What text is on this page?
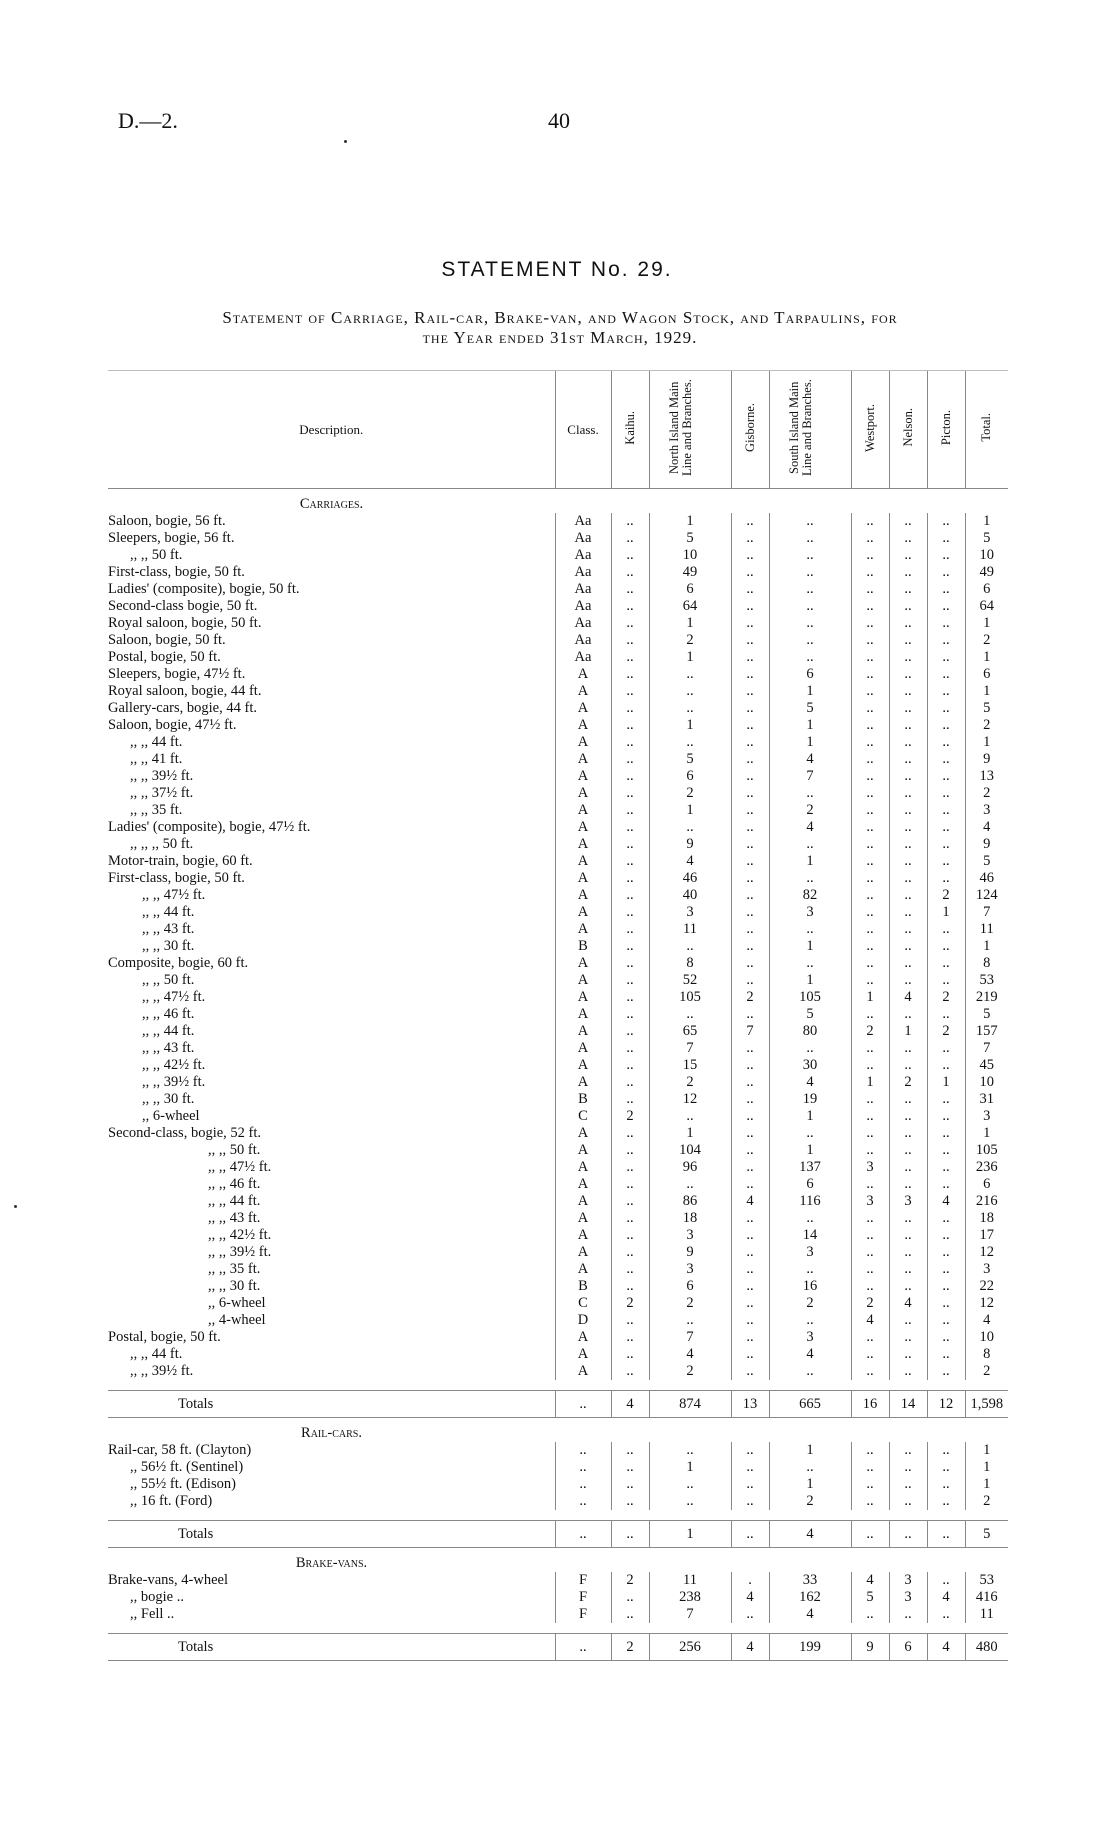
D.—2.	40
STATEMENT No. 29.
Statement of Carriage, Rail-car, Brake-van, and Wagon Stock, and Tarpaulins, for
the Year ended 31st March, 1929.
Description.	Class.	Kaihu.	North Island Main Line and Branches.	Gisborne.	South Island Main Line and Branches.	Westport.	Nelson.	Picton.	Total.
Carriages.									
Saloon, bogie, 56 ft.	Aa	..	1	..	..	..	..	..	1
Sleepers, bogie, 56 ft.	Aa	..	5	..	..	..	..	..	5
,, ,, 50 ft.	Aa	..	10	..	..	..	..	..	10
First-class, bogie, 50 ft.	Aa	..	49	..	..	..	..	..	49
Ladies' (composite), bogie, 50 ft.	Aa	..	6	..	..	..	..	..	6
Second-class bogie, 50 ft.	Aa	..	64	..	..	..	..	..	64
Royal saloon, bogie, 50 ft.	Aa	..	1	..	..	..	..	..	1
Saloon, bogie, 50 ft.	Aa	..	2	..	..	..	..	..	2
Postal, bogie, 50 ft.	Aa	..	1	..	..	..	..	..	1
Sleepers, bogie, 47½ ft.	A	..	..	..	6	..	..	..	6
Royal saloon, bogie, 44 ft.	A	..	..	..	1	..	..	..	1
Gallery-cars, bogie, 44 ft.	A	..	..	..	5	..	..	..	5
Saloon, bogie, 47½ ft.	A	..	1	..	1	..	..	..	2
,, ,, 44 ft.	A	..	..	..	1	..	..	..	1
,, ,, 41 ft.	A	..	5	..	4	..	..	..	9
,, ,, 39½ ft.	A	..	6	..	7	..	..	..	13
,, ,, 37½ ft.	A	..	2	..	..	..	..	..	2
,, ,, 35 ft.	A	..	1	..	2	..	..	..	3
Ladies' (composite), bogie, 47½ ft.	A	..	..	..	4	..	..	..	4
,, ,, ,, 50 ft.	A	..	9	..	..	..	..	..	9
Motor-train, bogie, 60 ft.	A	..	4	..	1	..	..	..	5
First-class, bogie, 50 ft.	A	..	46	..	..	..	..	..	46
,, ,, 47½ ft.	A	..	40	..	82	..	..	2	124
,, ,, 44 ft.	A	..	3	..	3	..	..	1	7
,, ,, 43 ft.	A	..	11	..	..	..	..	..	11
,, ,, 30 ft.	B	..	..	..	1	..	..	..	1
Composite, bogie, 60 ft.	A	..	8	..	..	..	..	..	8
,, ,, 50 ft.	A	..	52	..	1	..	..	..	53
,, ,, 47½ ft.	A	..	105	2	105	1	4	2	219
,, ,, 46 ft.	A	..	..	..	5	..	..	..	5
,, ,, 44 ft.	A	..	65	7	80	2	1	2	157
,, ,, 43 ft.	A	..	7	..	..	..	..	..	7
,, ,, 42½ ft.	A	..	15	..	30	..	..	..	45
,, ,, 39½ ft.	A	..	2	..	4	1	2	1	10
,, ,, 30 ft.	B	..	12	..	19	..	..	..	31
,, 6-wheel	C	2	..	..	1	..	..	..	3
Second-class, bogie, 52 ft.	A	..	1	..	..	..	..	..	1
,, ,, 50 ft.	A	..	104	..	1	..	..	..	105
,, ,, 47½ ft.	A	..	96	..	137	3	..	..	236
,, ,, 46 ft.	A	..	..	..	6	..	..	..	6
,, ,, 44 ft.	A	..	86	4	116	3	3	4	216
,, ,, 43 ft.	A	..	18	..	..	..	..	..	18
,, ,, 42½ ft.	A	..	3	..	14	..	..	..	17
,, ,, 39½ ft.	A	..	9	..	3	..	..	..	12
,, ,, 35 ft.	A	..	3	..	..	..	..	..	3
,, ,, 30 ft.	B	..	6	..	16	..	..	..	22
,, 6-wheel	C	2	2	..	2	2	4	..	12
,, 4-wheel	D	..	..	..	..	4	..	..	4
Postal, bogie, 50 ft.	A	..	7	..	3	..	..	..	10
,, ,, 44 ft.	A	..	4	..	4	..	..	..	8
,, ,, 39½ ft.	A	..	2	..	..	..	..	..	2

Totals	..	4	874	13	665	16	14	12	1,598
Rail-cars.									
Rail-car, 58 ft. (Clayton)	..	..	..	..	1	..	..	..	1
,, 56½ ft. (Sentinel)	..	..	1	..	..	..	..	..	1
,, 55½ ft. (Edison)	..	..	..	..	1	..	..	..	1
,, 16 ft. (Ford)	..	..	..	..	2	..	..	..	2

Totals	..	..	1	..	4	..	..	..	5
Brake-vans.									
Brake-vans, 4-wheel	F	2	11	.	33	4	3	..	53
,, bogie ..	F	..	238	4	162	5	3	4	416
,, Fell ..	F	..	7	..	4	..	..	..	11

Totals	..	2	256	4	199	9	6	4	480
